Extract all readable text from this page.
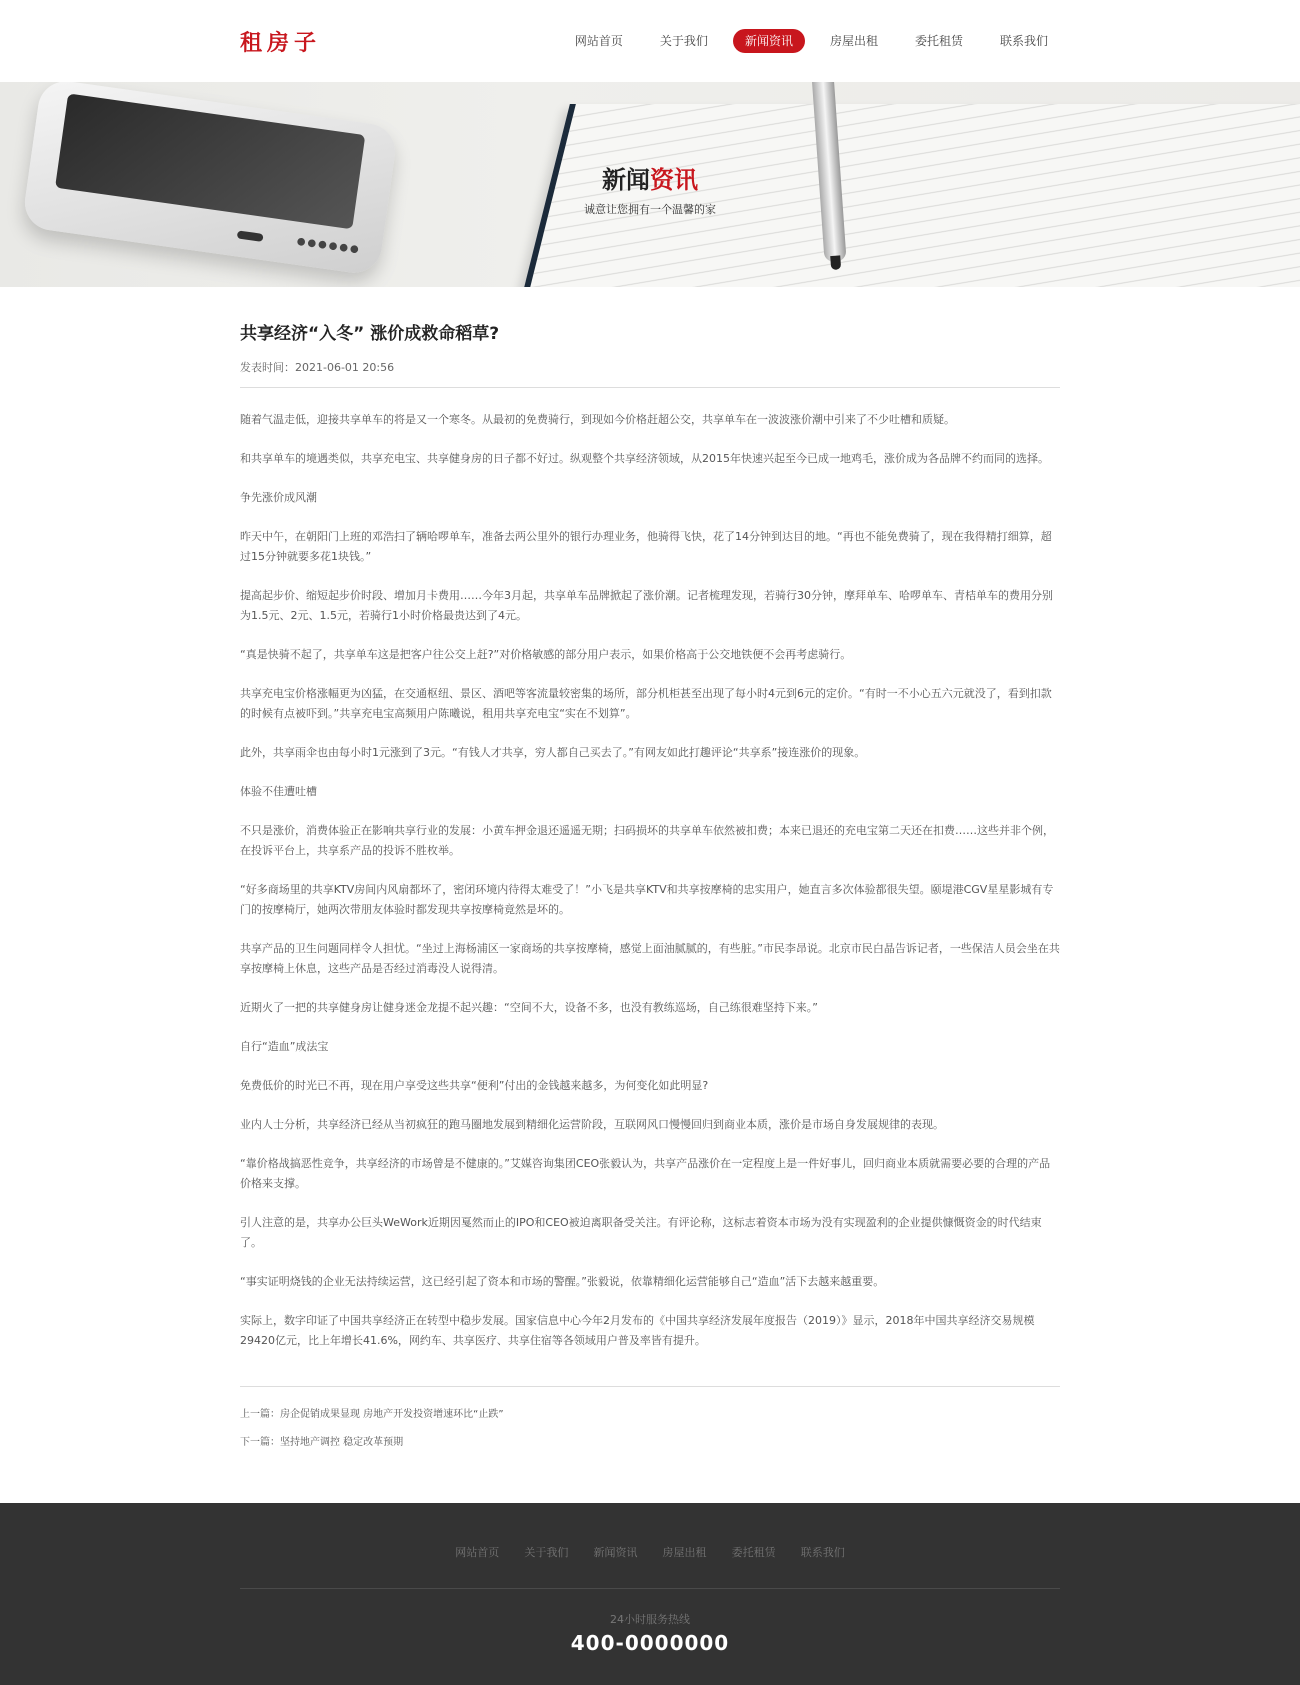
租房子	网站首页	关于我们	新闻资讯	房屋出租	委托租赁	联系我们
●●●●●●
新闻资讯
诚意让您拥有一个温馨的家
共享经济“入冬” 涨价成救命稻草?
发表时间：2021-06-01 20:56

随着气温走低，迎接共享单车的将是又一个寒冬。从最初的免费骑行，到现如今价格赶超公交，共享单车在一波波涨价潮中引来了不少吐槽和质疑。

和共享单车的境遇类似，共享充电宝、共享健身房的日子都不好过。纵观整个共享经济领域，从2015年快速兴起至今已成一地鸡毛，涨价成为各品牌不约而同的选择。

争先涨价成风潮

昨天中午，在朝阳门上班的邓浩扫了辆哈啰单车，准备去两公里外的银行办理业务，他骑得飞快，花了14分钟到达目的地。“再也不能免费骑了，现在我得精打细算，超过15分钟就要多花1块钱。”

提高起步价、缩短起步价时段、增加月卡费用……今年3月起，共享单车品牌掀起了涨价潮。记者梳理发现，若骑行30分钟，摩拜单车、哈啰单车、青桔单车的费用分别为1.5元、2元、1.5元，若骑行1小时价格最贵达到了4元。

“真是快骑不起了，共享单车这是把客户往公交上赶?”对价格敏感的部分用户表示，如果价格高于公交地铁便不会再考虑骑行。

共享充电宝价格涨幅更为凶猛，在交通枢纽、景区、酒吧等客流量较密集的场所，部分机柜甚至出现了每小时4元到6元的定价。“有时一不小心五六元就没了，看到扣款的时候有点被吓到。”共享充电宝高频用户陈曦说，租用共享充电宝“实在不划算”。

此外，共享雨伞也由每小时1元涨到了3元。“有钱人才共享，穷人都自己买去了。”有网友如此打趣评论“共享系”接连涨价的现象。

体验不佳遭吐槽

不只是涨价，消费体验正在影响共享行业的发展：小黄车押金退还遥遥无期；扫码损坏的共享单车依然被扣费；本来已退还的充电宝第二天还在扣费……这些并非个例，在投诉平台上，共享系产品的投诉不胜枚举。

“好多商场里的共享KTV房间内风扇都坏了，密闭环境内待得太难受了！”小飞是共享KTV和共享按摩椅的忠实用户，她直言多次体验都很失望。颐堤港CGV星星影城有专门的按摩椅厅，她两次带朋友体验时都发现共享按摩椅竟然是坏的。

共享产品的卫生问题同样令人担忧。“坐过上海杨浦区一家商场的共享按摩椅，感觉上面油腻腻的，有些脏。”市民李昂说。北京市民白晶告诉记者，一些保洁人员会坐在共享按摩椅上休息，这些产品是否经过消毒没人说得清。

近期火了一把的共享健身房让健身迷金龙提不起兴趣：“空间不大，设备不多，也没有教练巡场，自己练很难坚持下来。”

自行“造血”成法宝

免费低价的时光已不再，现在用户享受这些共享“便利”付出的金钱越来越多，为何变化如此明显?

业内人士分析，共享经济已经从当初疯狂的跑马圈地发展到精细化运营阶段，互联网风口慢慢回归到商业本质，涨价是市场自身发展规律的表现。

“靠价格战搞恶性竞争，共享经济的市场曾是不健康的。”艾媒咨询集团CEO张毅认为，共享产品涨价在一定程度上是一件好事儿，回归商业本质就需要必要的合理的产品价格来支撑。

引人注意的是，共享办公巨头WeWork近期因戛然而止的IPO和CEO被迫离职备受关注。有评论称，这标志着资本市场为没有实现盈利的企业提供慷慨资金的时代结束了。

“事实证明烧钱的企业无法持续运营，这已经引起了资本和市场的警醒。”张毅说，依靠精细化运营能够自己“造血”活下去越来越重要。

实际上，数字印证了中国共享经济正在转型中稳步发展。国家信息中心今年2月发布的《中国共享经济发展年度报告（2019）》显示，2018年中国共享经济交易规模29420亿元，比上年增长41.6%，网约车、共享医疗、共享住宿等各领域用户普及率皆有提升。

上一篇：房企促销成果显现 房地产开发投资增速环比“止跌”

下一篇：坚持地产调控 稳定改革预期

网站首页 关于我们 新闻资讯 房屋出租 委托租赁 联系我们
24小时服务热线
400-0000000
